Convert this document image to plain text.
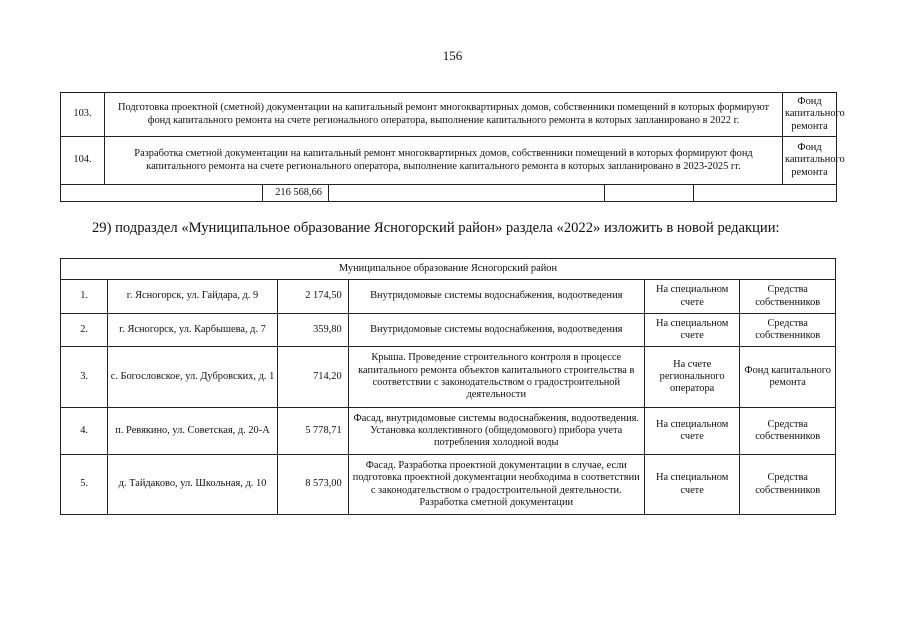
156
103.	Подготовка проектной (сметной) документации на капитальный ремонт многоквартирных домов, собственники помещений в которых формируют фонд капитального ремонта на счете регионального оператора, выполнение капитального ремонта в которых запланировано в 2022 г.					Фонд капитального ремонта
104.	Разработка сметной документации на капитальный ремонт многоквартирных домов, собственники помещений в которых формируют фонд капитального ремонта на счете регионального оператора, выполнение капитального ремонта в которых запланировано в 2023-2025 гг.					Фонд капитального ремонта
		216 568,66				
29) подраздел «Муниципальное образование Ясногорский район» раздела «2022» изложить в новой редакции:
Муниципальное образование Ясногорский район					
1.	г. Ясногорск, ул. Гайдара, д. 9	2 174,50	Внутридомовые системы водоснабжения, водоотведения	На специальном счете	Средства собственников
2.	г. Ясногорск, ул. Карбышева, д. 7	359,80	Внутридомовые системы водоснабжения, водоотведения	На специальном счете	Средства собственников
3.	с. Богословское, ул. Дубровских, д. 1	714,20	Крыша. Проведение строительного контроля в процессе капитального ремонта объектов капитального строительства в соответствии с законодательством о градостроительной деятельности	На счете регионального оператора	Фонд капитального ремонта
4.	п. Ревякино, ул. Советская, д. 20-А	5 778,71	Фасад, внутридомовые системы водоснабжения, водоотведения. Установка коллективного (общедомового) прибора учета потребления холодной воды	На специальном счете	Средства собственников
5.	д. Тайдаково, ул. Школьная, д. 10	8 573,00	Фасад. Разработка проектной документации в случае, если подготовка проектной документации необходима в соответствии с законодательством о градостроительной деятельности. Разработка сметной документации	На специальном счете	Средства собственников
